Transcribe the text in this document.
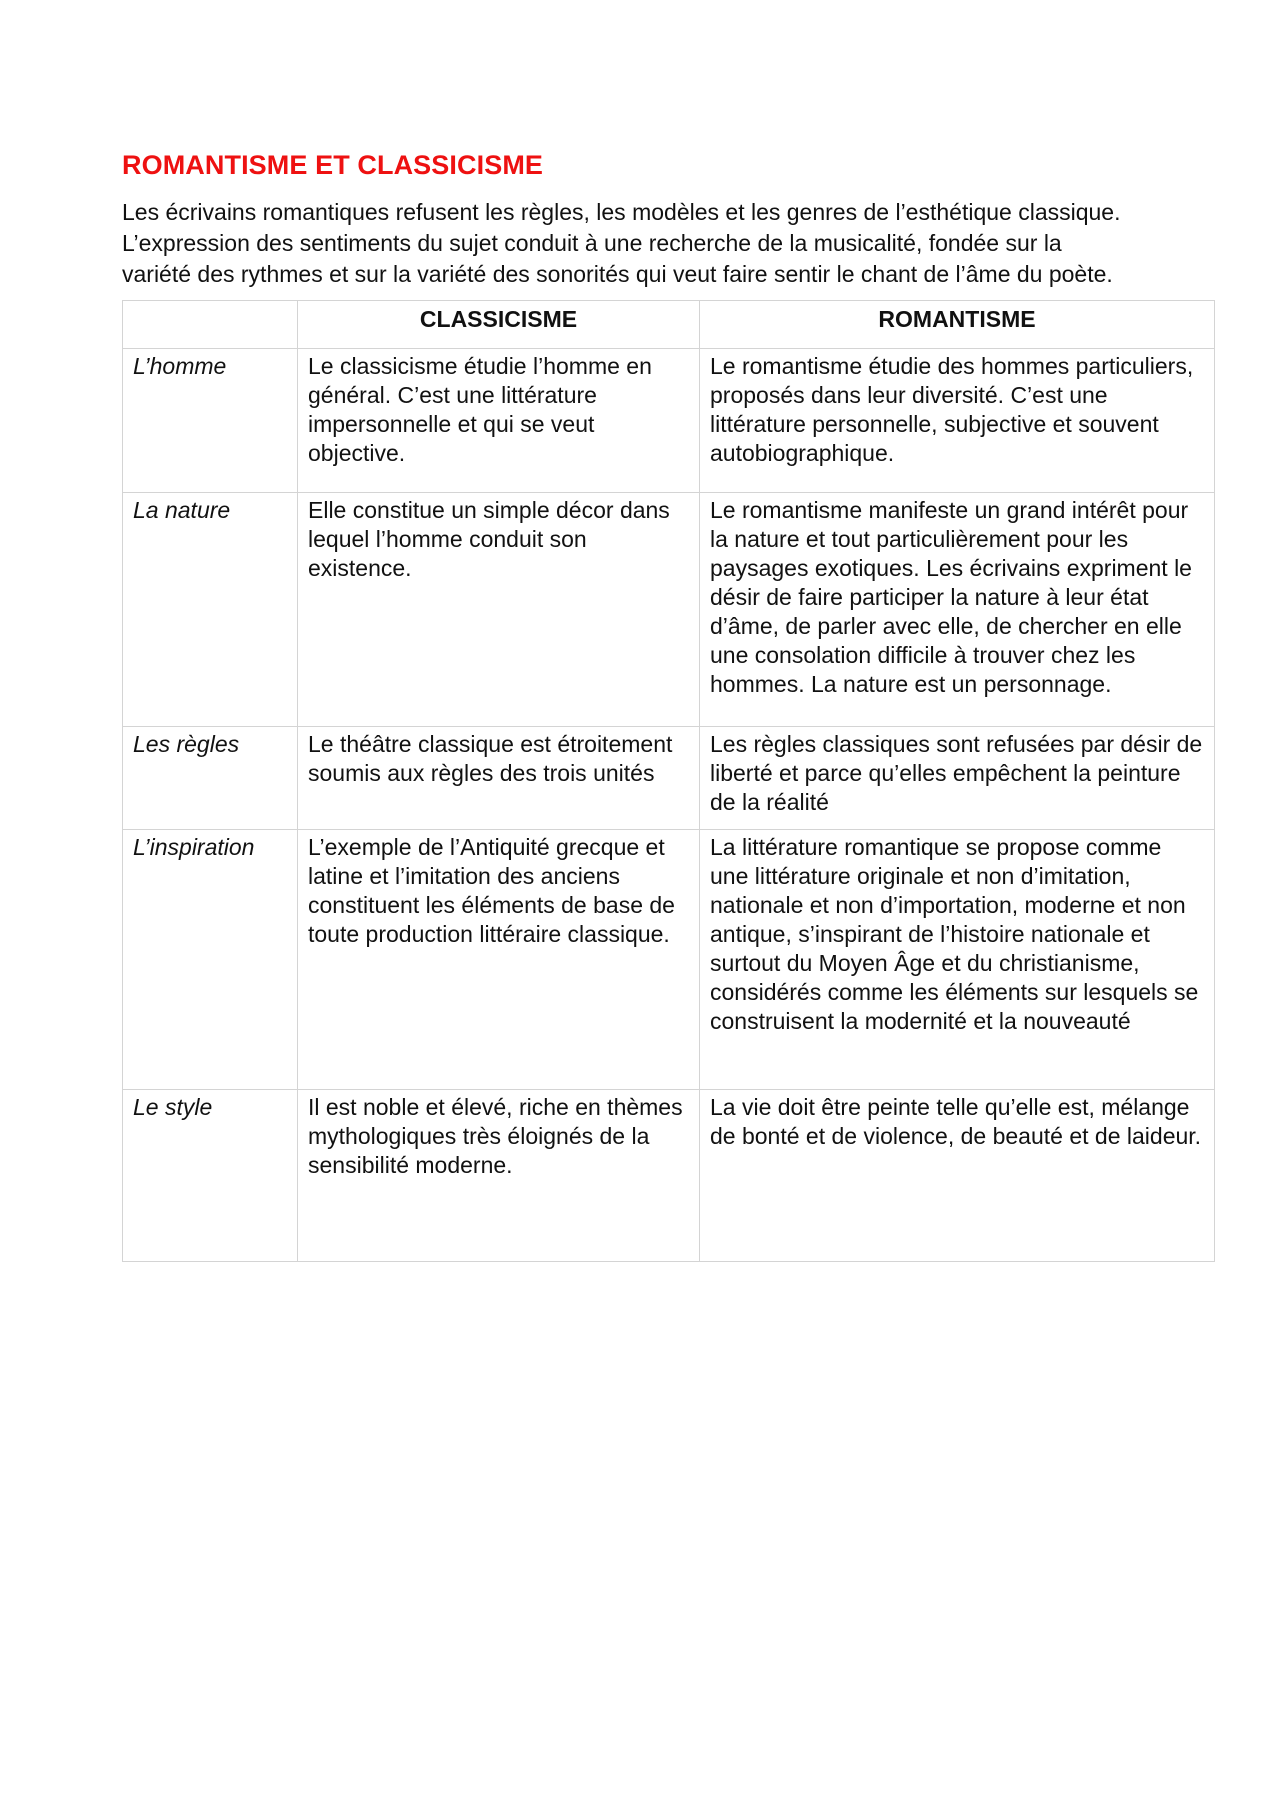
ROMANTISME ET CLASSICISME

Les écrivains romantiques refusent les règles, les modèles et les genres de l’esthétique classique. L’expression des sentiments du sujet conduit à une recherche de la musicalité, fondée sur la variété des rythmes et sur la variété des sonorités qui veut faire sentir le chant de l’âme du poète.

	CLASSICISME	ROMANTISME
L’homme	Le classicisme étudie l’homme en général. C’est une littérature impersonnelle et qui se veut objective.	Le romantisme étudie des hommes particuliers, proposés dans leur diversité. C’est une littérature personnelle, subjective et souvent autobiographique.
La nature	Elle constitue un simple décor dans lequel l’homme conduit son existence.	Le romantisme manifeste un grand intérêt pour la nature et tout particulièrement pour les paysages exotiques. Les écrivains expriment le désir de faire participer la nature à leur état d’âme, de parler avec elle, de chercher en elle une consolation difficile à trouver chez les hommes. La nature est un personnage.
Les règles	Le théâtre classique est étroitement soumis aux règles des trois unités	Les règles classiques sont refusées par désir de liberté et parce qu’elles empêchent la peinture de la réalité
L’inspiration	L’exemple de l’Antiquité grecque et latine et l’imitation des anciens constituent les éléments de base de toute production littéraire classique.	La littérature romantique se propose comme une littérature originale et non d’imitation, nationale et non d’importation, moderne et non antique, s’inspirant de l’histoire nationale et surtout du Moyen Âge et du christianisme, considérés comme les éléments sur lesquels se construisent la modernité et la nouveauté
Le style	Il est noble et élevé, riche en thèmes mythologiques très éloignés de la sensibilité moderne.	La vie doit être peinte telle qu’elle est, mélange de bonté et de violence, de beauté et de laideur.
